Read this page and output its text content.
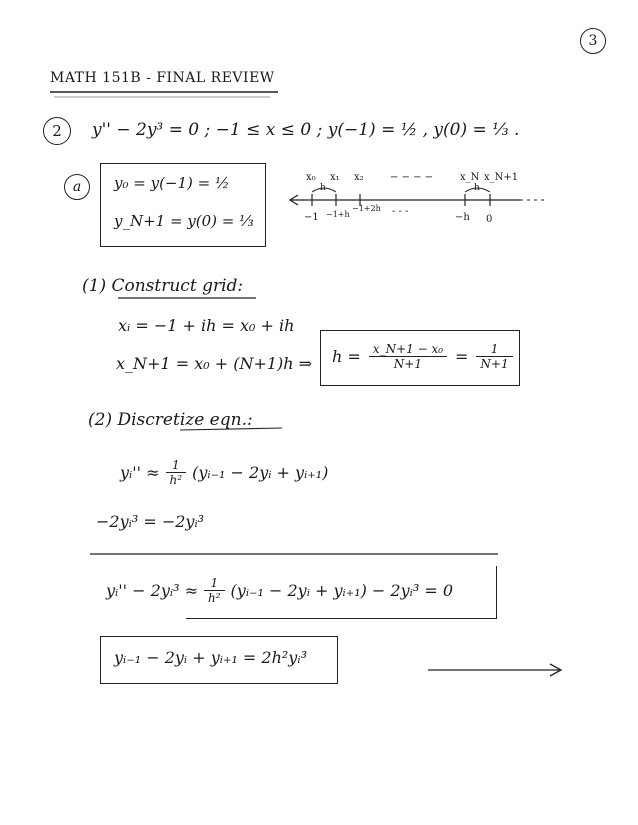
3
MATH 151B - FINAL REVIEW
2	y'' − 2y³ = 0 ; −1 ≤ x ≤ 0 ; y(−1) = ½ , y(0) = ⅓ .
a	y₀ = y(−1) = ½
y_N+1 = y(0) = ⅓
x₀ x₁ x₂	− − − −	x_N x_N+1
h	h
−1 −1+h
−1+2h - - -
−h 0
(1) Construct grid:
xᵢ = −1 + ih = x₀ + ih
x_N+1 = x₀ + (N+1)h ⇒ $h = \frac{\text{x\_N+1 − x₀}}{N+1} = \frac{1}{N+1}$
(2) Discretize eqn.:
yᵢ'' ≈ $\frac{1}{\text{h²}}$ (yᵢ₋₁ − 2yᵢ + yᵢ₊₁)
−2yᵢ³ = −2yᵢ³
yᵢ'' − 2yᵢ³ ≈ $\frac{1}{\text{h²}}$ (yᵢ₋₁ − 2yᵢ + yᵢ₊₁) − 2yᵢ³ = 0
yᵢ₋₁ − 2yᵢ + yᵢ₊₁ = 2h²yᵢ³
